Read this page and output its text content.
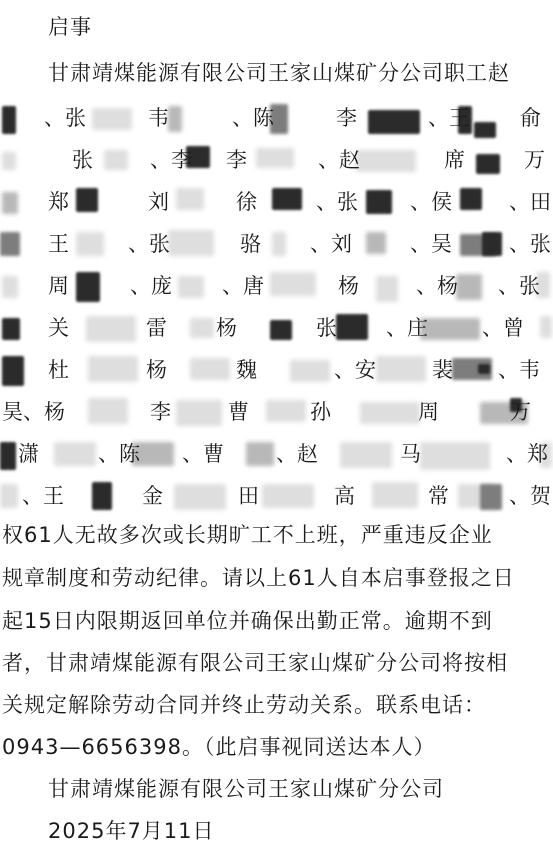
启事
甘肃靖煤能源有限公司王家山煤矿分公司职工赵
、张	韦	、陈	李	、王 俞
张	、李 李	、赵	席	万
郑	刘	徐	、张 、侯	、田
王	、张	骆 、刘	、吴	、张
周	、庞 、唐	杨	、杨 、张
关	雷 杨	张 、庄	、曾
杜	杨	魏	、安	裴 、韦
昊、杨	李	曹	孙	周	万
潇	、陈 、曹 、赵	马	、郑
、王	金	田	高	常	、贺
权61人无故多次或长期旷工不上班，严重违反企业
规章制度和劳动纪律。请以上61人自本启事登报之日
起15日内限期返回单位并确保出勤正常。逾期不到
者，甘肃靖煤能源有限公司王家山煤矿分公司将按相
关规定解除劳动合同并终止劳动关系。联系电话：
0943—6656398。（此启事视同送达本人）
甘肃靖煤能源有限公司王家山煤矿分公司
2025年7月11日
